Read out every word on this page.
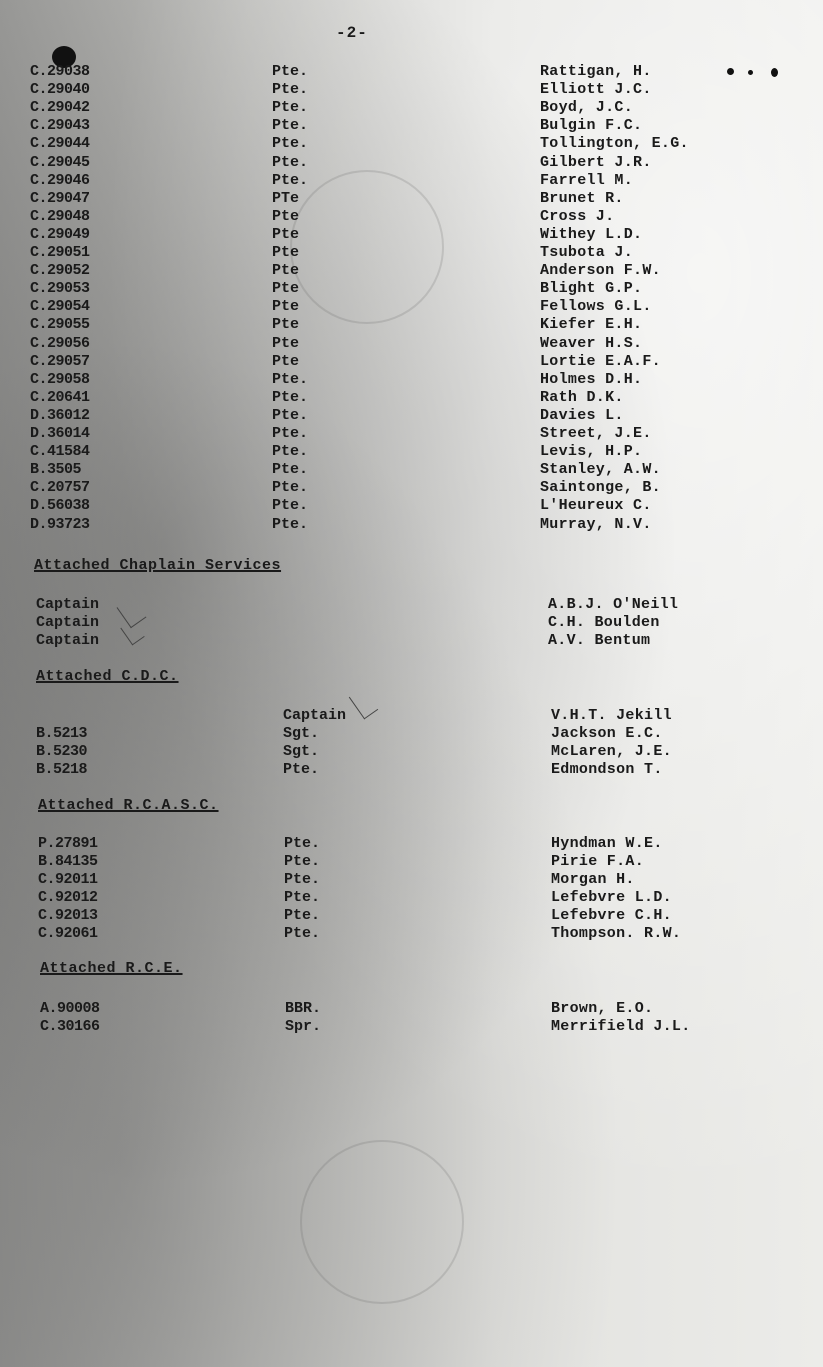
-2-
C.29038	Pte.	Rattigan, H.
C.29040	Pte.	Elliott J.C.
C.29042	Pte.	Boyd, J.C.
C.29043	Pte.	Bulgin F.C.
C.29044	Pte.	Tollington, E.G.
C.29045	Pte.	Gilbert J.R.
C.29046	Pte.	Farrell M.
C.29047	PTe	Brunet R.
C.29048	Pte	Cross J.
C.29049	Pte	Withey L.D.
C.29051	Pte	Tsubota J.
C.29052	Pte	Anderson F.W.
C.29053	Pte	Blight G.P.
C.29054	Pte	Fellows G.L.
C.29055	Pte	Kiefer E.H.
C.29056	Pte	Weaver H.S.
C.29057	Pte	Lortie E.A.F.
C.29058	Pte.	Holmes D.H.
C.20641	Pte.	Rath D.K.
D.36012	Pte.	Davies L.
D.36014	Pte.	Street, J.E.
C.41584	Pte.	Levis, H.P.
B.3505	Pte.	Stanley, A.W.
C.20757	Pte.	Saintonge, B.
D.56038	Pte.	L'Heureux C.
D.93723	Pte.	Murray, N.V.
Attached Chaplain Services
Captain	A.B.J. O'Neill
Captain	C.H. Boulden
Captain	A.V. Bentum
Attached C.D.C.
Captain	V.H.T. Jekill
B.5213	Sgt.	Jackson E.C.
B.5230	Sgt.	McLaren, J.E.
B.5218	Pte.	Edmondson T.
Attached R.C.A.S.C.
P.27891	Pte.	Hyndman W.E.
B.84135	Pte.	Pirie F.A.
C.92011	Pte.	Morgan H.
C.92012	Pte.	Lefebvre L.D.
C.92013	Pte.	Lefebvre C.H.
C.92061	Pte.	Thompson. R.W.
Attached R.C.E.
A.90008	BBR.	Brown, E.O.
C.30166	Spr.	Merrifield J.L.
